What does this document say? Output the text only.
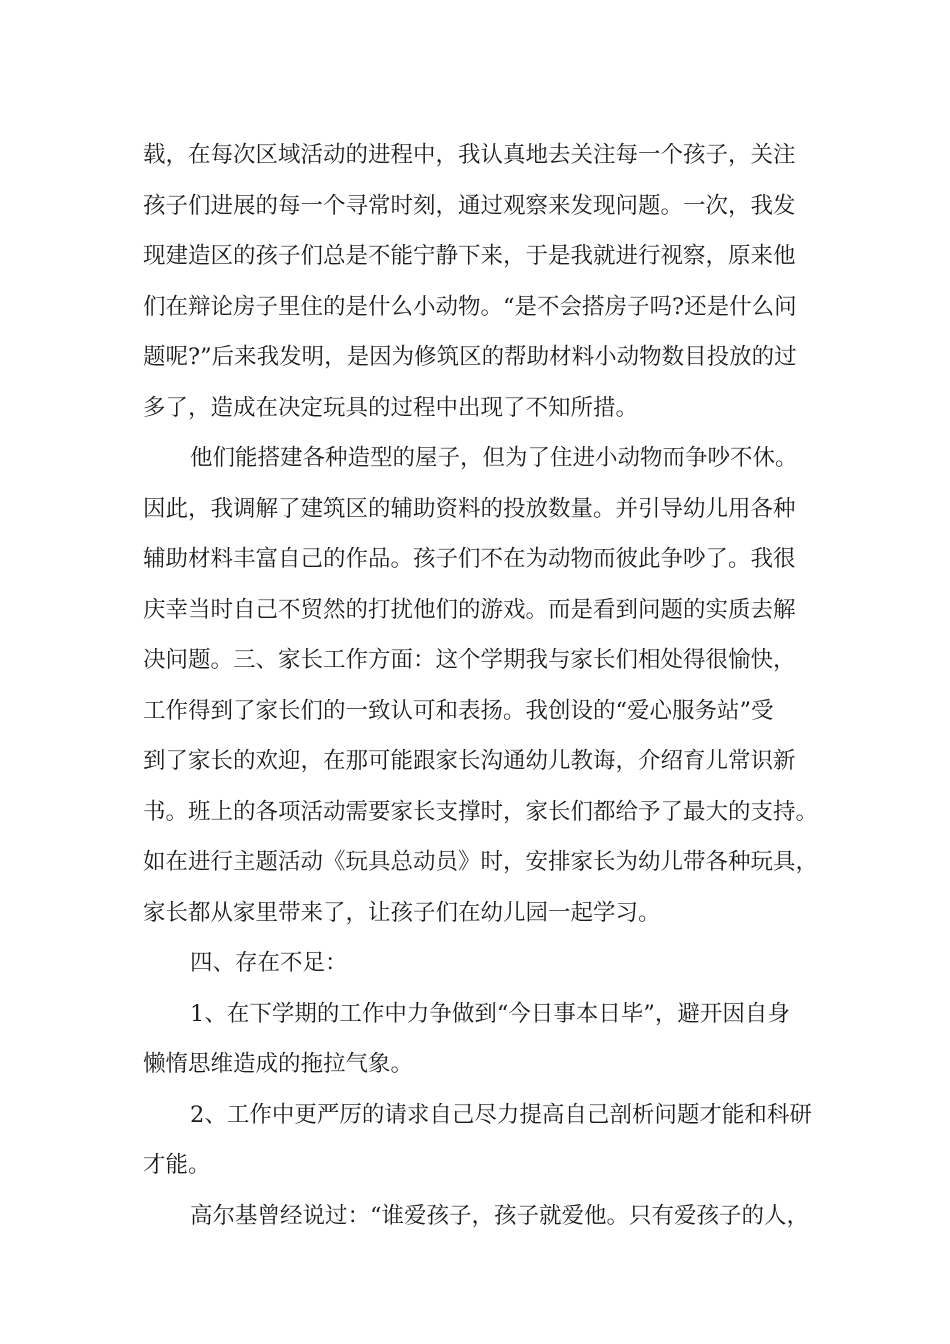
载，在每次区域活动的进程中，我认真地去关注每一个孩子，关注
孩子们进展的每一个寻常时刻，通过观察来发现问题。一次，我发
现建造区的孩子们总是不能宁静下来，于是我就进行视察，原来他
们在辩论房子里住的是什么小动物。“是不会搭房子吗?还是什么问
题呢?”后来我发明，是因为修筑区的帮助材料小动物数目投放的过
多了，造成在决定玩具的过程中出现了不知所措。
他们能搭建各种造型的屋子，但为了住进小动物而争吵不休。
因此，我调解了建筑区的辅助资料的投放数量。并引导幼儿用各种
辅助材料丰富自己的作品。孩子们不在为动物而彼此争吵了。我很
庆幸当时自己不贸然的打扰他们的游戏。而是看到问题的实质去解
决问题。三、家长工作方面：这个学期我与家长们相处得很愉快，
工作得到了家长们的一致认可和表扬。我创设的“爱心服务站”受
到了家长的欢迎，在那可能跟家长沟通幼儿教诲，介绍育儿常识新
书。班上的各项活动需要家长支撑时，家长们都给予了最大的支持。
如在进行主题活动《玩具总动员》时，安排家长为幼儿带各种玩具，
家长都从家里带来了，让孩子们在幼儿园一起学习。
四、存在不足：
1、在下学期的工作中力争做到“今日事本日毕”，避开因自身
懒惰思维造成的拖拉气象。
2、工作中更严厉的请求自己尽力提高自己剖析问题才能和科研
才能。
高尔基曾经说过：“谁爱孩子，孩子就爱他。只有爱孩子的人，
